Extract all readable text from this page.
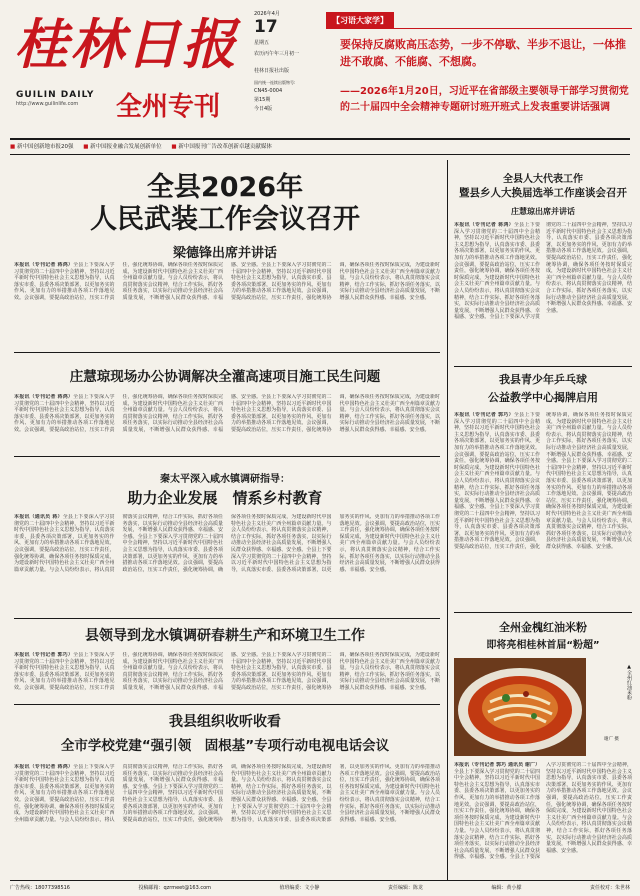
桂林日报
GUILIN DAILY
http://www.guilinlife.com 全州专刊
2026年4月
17
星期五
农历丙午年三月初一
桂林日报社出版
国内统一连续出版物号:
CN45-0004
第15期
今日4版
【习语大家学】
要保持反腐败高压态势，一步不停歇、半步不退让，一体推进不敢腐、不能腐、不想腐。
——2026年1月20日，习近平在省部级主要领导干部学习贯彻党的二十届四中全会精神专题研讨班开班式上发表重要讲话强调
■ 新中国创新地市报20强 ■ 新中国报业融合发展创新单位 ■ 新中国报刊广告改革创新卓越贡献媒体
全县2026年
人民武装工作会议召开
梁德锋出席并讲话
本报讯（专刊记者 蒋鸿）全县上下要深入学习贯彻党的二十届四中全会精神，坚持以习近平新时代中国特色社会主义思想为指导，认真落实市委、县委各项决策部署，以更加务实的作风、更加有力的举措推动各项工作落地见效。会议强调，要提高政治站位，压实工作责任，强化统筹协调，确保各项任务按时保质完成，为建设新时代中国特色社会主义壮美广西全州篇章贡献力量。与会人员纷纷表示，将认真贯彻落实会议精神，结合工作实际，抓好各项任务落实，以实际行动推动全县经济社会高质量发展，不断增强人民群众获得感、幸福感、安全感。全县上下要深入学习贯彻党的二十届四中全会精神，坚持以习近平新时代中国特色社会主义思想为指导，认真落实市委、县委各项决策部署，以更加务实的作风、更加有力的举措推动各项工作落地见效。会议强调，要提高政治站位，压实工作责任，强化统筹协调，确保各项任务按时保质完成，为建设新时代中国特色社会主义壮美广西全州篇章贡献力量。与会人员纷纷表示，将认真贯彻落实会议精神，结合工作实际，抓好各项任务落实，以实际行动推动全县经济社会高质量发展，不断增强人民群众获得感、幸福感、安全感。
庄慧琼现场办公协调解决全灌高速项目施工民生问题
本报讯（专刊记者 蒋鸿）全县上下要深入学习贯彻党的二十届四中全会精神，坚持以习近平新时代中国特色社会主义思想为指导，认真落实市委、县委各项决策部署，以更加务实的作风、更加有力的举措推动各项工作落地见效。会议强调，要提高政治站位，压实工作责任，强化统筹协调，确保各项任务按时保质完成，为建设新时代中国特色社会主义壮美广西全州篇章贡献力量。与会人员纷纷表示，将认真贯彻落实会议精神，结合工作实际，抓好各项任务落实，以实际行动推动全县经济社会高质量发展，不断增强人民群众获得感、幸福感、安全感。全县上下要深入学习贯彻党的二十届四中全会精神，坚持以习近平新时代中国特色社会主义思想为指导，认真落实市委、县委各项决策部署，以更加务实的作风、更加有力的举措推动各项工作落地见效。会议强调，要提高政治站位，压实工作责任，强化统筹协调，确保各项任务按时保质完成，为建设新时代中国特色社会主义壮美广西全州篇章贡献力量。与会人员纷纷表示，将认真贯彻落实会议精神，结合工作实际，抓好各项任务落实，以实际行动推动全县经济社会高质量发展，不断增强人民群众获得感、幸福感、安全感。
秦太平深入咸水镇调研指导：
助力企业发展　情系乡村教育
本报讯（通讯员 蒋）全县上下要深入学习贯彻党的二十届四中全会精神，坚持以习近平新时代中国特色社会主义思想为指导，认真落实市委、县委各项决策部署，以更加务实的作风、更加有力的举措推动各项工作落地见效。会议强调，要提高政治站位，压实工作责任，强化统筹协调，确保各项任务按时保质完成，为建设新时代中国特色社会主义壮美广西全州篇章贡献力量。与会人员纷纷表示，将认真贯彻落实会议精神，结合工作实际，抓好各项任务落实，以实际行动推动全县经济社会高质量发展，不断增强人民群众获得感、幸福感、安全感。全县上下要深入学习贯彻党的二十届四中全会精神，坚持以习近平新时代中国特色社会主义思想为指导，认真落实市委、县委各项决策部署，以更加务实的作风、更加有力的举措推动各项工作落地见效。会议强调，要提高政治站位，压实工作责任，强化统筹协调，确保各项任务按时保质完成，为建设新时代中国特色社会主义壮美广西全州篇章贡献力量。与会人员纷纷表示，将认真贯彻落实会议精神，结合工作实际，抓好各项任务落实，以实际行动推动全县经济社会高质量发展，不断增强人民群众获得感、幸福感、安全感。全县上下要深入学习贯彻党的二十届四中全会精神，坚持以习近平新时代中国特色社会主义思想为指导，认真落实市委、县委各项决策部署，以更加务实的作风、更加有力的举措推动各项工作落地见效。会议强调，要提高政治站位，压实工作责任，强化统筹协调，确保各项任务按时保质完成，为建设新时代中国特色社会主义壮美广西全州篇章贡献力量。与会人员纷纷表示，将认真贯彻落实会议精神，结合工作实际，抓好各项任务落实，以实际行动推动全县经济社会高质量发展，不断增强人民群众获得感、幸福感、安全感。
县领导到龙水镇调研春耕生产和环境卫生工作
本报讯（专刊记者 郭巧）全县上下要深入学习贯彻党的二十届四中全会精神，坚持以习近平新时代中国特色社会主义思想为指导，认真落实市委、县委各项决策部署，以更加务实的作风、更加有力的举措推动各项工作落地见效。会议强调，要提高政治站位，压实工作责任，强化统筹协调，确保各项任务按时保质完成，为建设新时代中国特色社会主义壮美广西全州篇章贡献力量。与会人员纷纷表示，将认真贯彻落实会议精神，结合工作实际，抓好各项任务落实，以实际行动推动全县经济社会高质量发展，不断增强人民群众获得感、幸福感、安全感。全县上下要深入学习贯彻党的二十届四中全会精神，坚持以习近平新时代中国特色社会主义思想为指导，认真落实市委、县委各项决策部署，以更加务实的作风、更加有力的举措推动各项工作落地见效。会议强调，要提高政治站位，压实工作责任，强化统筹协调，确保各项任务按时保质完成，为建设新时代中国特色社会主义壮美广西全州篇章贡献力量。与会人员纷纷表示，将认真贯彻落实会议精神，结合工作实际，抓好各项任务落实，以实际行动推动全县经济社会高质量发展，不断增强人民群众获得感、幸福感、安全感。
我县组织收听收看
全市学校党建“强引领　固根基”专项行动电视电话会议
本报讯（专刊记者 蒋鸿）全县上下要深入学习贯彻党的二十届四中全会精神，坚持以习近平新时代中国特色社会主义思想为指导，认真落实市委、县委各项决策部署，以更加务实的作风、更加有力的举措推动各项工作落地见效。会议强调，要提高政治站位，压实工作责任，强化统筹协调，确保各项任务按时保质完成，为建设新时代中国特色社会主义壮美广西全州篇章贡献力量。与会人员纷纷表示，将认真贯彻落实会议精神，结合工作实际，抓好各项任务落实，以实际行动推动全县经济社会高质量发展，不断增强人民群众获得感、幸福感、安全感。全县上下要深入学习贯彻党的二十届四中全会精神，坚持以习近平新时代中国特色社会主义思想为指导，认真落实市委、县委各项决策部署，以更加务实的作风、更加有力的举措推动各项工作落地见效。会议强调，要提高政治站位，压实工作责任，强化统筹协调，确保各项任务按时保质完成，为建设新时代中国特色社会主义壮美广西全州篇章贡献力量。与会人员纷纷表示，将认真贯彻落实会议精神，结合工作实际，抓好各项任务落实，以实际行动推动全县经济社会高质量发展，不断增强人民群众获得感、幸福感、安全感。全县上下要深入学习贯彻党的二十届四中全会精神，坚持以习近平新时代中国特色社会主义思想为指导，认真落实市委、县委各项决策部署，以更加务实的作风、更加有力的举措推动各项工作落地见效。会议强调，要提高政治站位，压实工作责任，强化统筹协调，确保各项任务按时保质完成，为建设新时代中国特色社会主义壮美广西全州篇章贡献力量。与会人员纷纷表示，将认真贯彻落实会议精神，结合工作实际，抓好各项任务落实，以实际行动推动全县经济社会高质量发展，不断增强人民群众获得感、幸福感、安全感。
全县人大代表工作
暨县乡人大换届选举工作座谈会召开
庄慧琼出席并讲话
本报讯（专刊记者 蒋鸿）全县上下要深入学习贯彻党的二十届四中全会精神，坚持以习近平新时代中国特色社会主义思想为指导，认真落实市委、县委各项决策部署，以更加务实的作风、更加有力的举措推动各项工作落地见效。会议强调，要提高政治站位，压实工作责任，强化统筹协调，确保各项任务按时保质完成，为建设新时代中国特色社会主义壮美广西全州篇章贡献力量。与会人员纷纷表示，将认真贯彻落实会议精神，结合工作实际，抓好各项任务落实，以实际行动推动全县经济社会高质量发展，不断增强人民群众获得感、幸福感、安全感。全县上下要深入学习贯彻党的二十届四中全会精神，坚持以习近平新时代中国特色社会主义思想为指导，认真落实市委、县委各项决策部署，以更加务实的作风、更加有力的举措推动各项工作落地见效。会议强调，要提高政治站位，压实工作责任，强化统筹协调，确保各项任务按时保质完成，为建设新时代中国特色社会主义壮美广西全州篇章贡献力量。与会人员纷纷表示，将认真贯彻落实会议精神，结合工作实际，抓好各项任务落实，以实际行动推动全县经济社会高质量发展，不断增强人民群众获得感、幸福感、安全感。
我县青少年乒乓球
公益教学中心揭牌启用
本报讯（专刊记者 郭巧）全县上下要深入学习贯彻党的二十届四中全会精神，坚持以习近平新时代中国特色社会主义思想为指导，认真落实市委、县委各项决策部署，以更加务实的作风、更加有力的举措推动各项工作落地见效。会议强调，要提高政治站位，压实工作责任，强化统筹协调，确保各项任务按时保质完成，为建设新时代中国特色社会主义壮美广西全州篇章贡献力量。与会人员纷纷表示，将认真贯彻落实会议精神，结合工作实际，抓好各项任务落实，以实际行动推动全县经济社会高质量发展，不断增强人民群众获得感、幸福感、安全感。全县上下要深入学习贯彻党的二十届四中全会精神，坚持以习近平新时代中国特色社会主义思想为指导，认真落实市委、县委各项决策部署，以更加务实的作风、更加有力的举措推动各项工作落地见效。会议强调，要提高政治站位，压实工作责任，强化统筹协调，确保各项任务按时保质完成，为建设新时代中国特色社会主义壮美广西全州篇章贡献力量。与会人员纷纷表示，将认真贯彻落实会议精神，结合工作实际，抓好各项任务落实，以实际行动推动全县经济社会高质量发展，不断增强人民群众获得感、幸福感、安全感。全县上下要深入学习贯彻党的二十届四中全会精神，坚持以习近平新时代中国特色社会主义思想为指导，认真落实市委、县委各项决策部署，以更加务实的作风、更加有力的举措推动各项工作落地见效。会议强调，要提高政治站位，压实工作责任，强化统筹协调，确保各项任务按时保质完成，为建设新时代中国特色社会主义壮美广西全州篇章贡献力量。与会人员纷纷表示，将认真贯彻落实会议精神，结合工作实际，抓好各项任务落实，以实际行动推动全县经济社会高质量发展，不断增强人民群众获得感、幸福感、安全感。
全州金槐红油米粉
即将亮相桂林首届“粉超”
▲全州红油米粉
谢广 摄
本报讯（专刊记者 郭巧 通讯员 谢广）全县上下要深入学习贯彻党的二十届四中全会精神，坚持以习近平新时代中国特色社会主义思想为指导，认真落实市委、县委各项决策部署，以更加务实的作风、更加有力的举措推动各项工作落地见效。会议强调，要提高政治站位，压实工作责任，强化统筹协调，确保各项任务按时保质完成，为建设新时代中国特色社会主义壮美广西全州篇章贡献力量。与会人员纷纷表示，将认真贯彻落实会议精神，结合工作实际，抓好各项任务落实，以实际行动推动全县经济社会高质量发展，不断增强人民群众获得感、幸福感、安全感。全县上下要深入学习贯彻党的二十届四中全会精神，坚持以习近平新时代中国特色社会主义思想为指导，认真落实市委、县委各项决策部署，以更加务实的作风、更加有力的举措推动各项工作落地见效。会议强调，要提高政治站位，压实工作责任，强化统筹协调，确保各项任务按时保质完成，为建设新时代中国特色社会主义壮美广西全州篇章贡献力量。与会人员纷纷表示，将认真贯彻落实会议精神，结合工作实际，抓好各项任务落实，以实际行动推动全县经济社会高质量发展，不断增强人民群众获得感、幸福感、安全感。
广告热线：18077398516	投稿邮箱：qzrmeet@163.com	值班编委：文小静	责任编辑：陈龙	编辑：黄小朦	责任校对：朱世林
